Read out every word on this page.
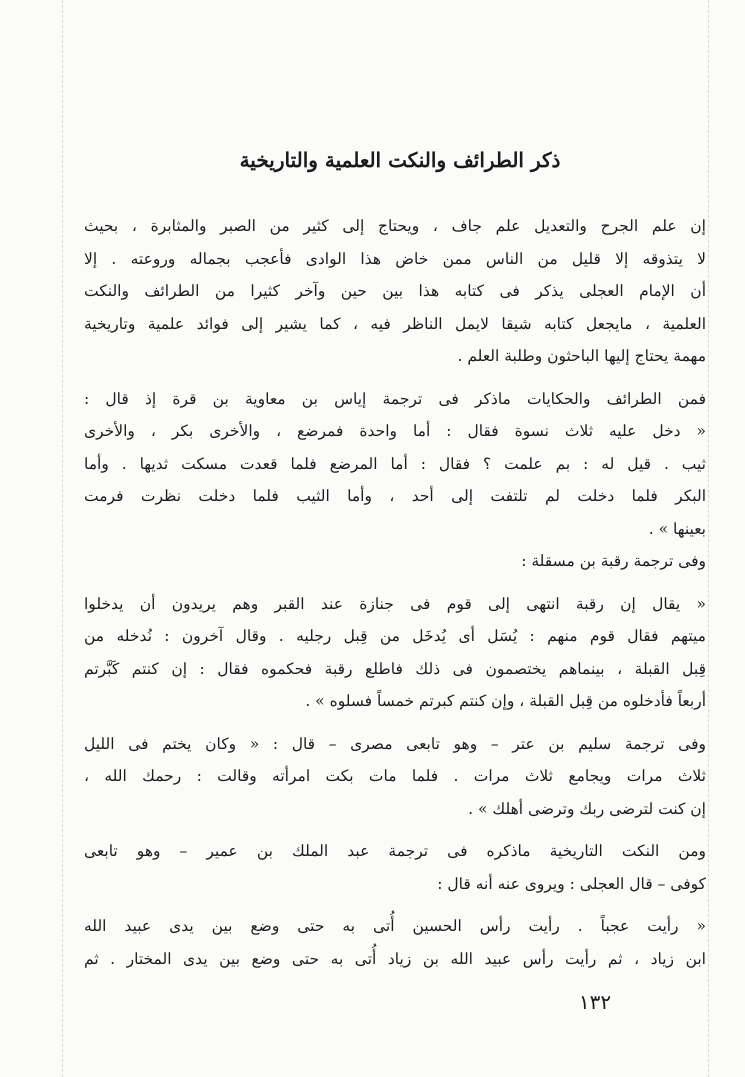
ذكر الطرائف والنكت العلمية والتاريخية
إن علم الجرح والتعديل علم جاف ، ويحتاج إلى كثير من الصبر والمثابرة ، بحيث
لا يتذوقه إلا قليل من الناس ممن خاض هذا الوادى فأعجب بجماله وروعته . إلا
أن الإمام العجلى يذكر فى كتابه هذا بين حين وآخر كثيرا من الطرائف والنكت
العلمية ، مايجعل كتابه شيقا لايمل الناظر فيه ، كما يشير إلى فوائد علمية وتاريخية
مهمة يحتاج إليها الباحثون وطلبة العلم .
فمن الطرائف والحكايات ماذكر فى ترجمة إياس بن معاوية بن قرة إذ قال :
« دخل عليه ثلاث نسوة فقال : أما واحدة فمرضع ، والأخرى بكر ، والأخرى
ثيب . قيل له : بم علمت ؟ فقال : أما المرضع فلما قعدت مسكت ثديها . وأما
البكر فلما دخلت لم تلتفت إلى أحد ، وأما الثيب فلما دخلت نظرت فرمت
بعينها » .
وفى ترجمة رقبة بن مسقلة :
« يقال إن رقبة انتهى إلى قوم فى جنازة عند القبر وهم يريدون أن يدخلوا
ميتهم فقال قوم منهم : يُسَل أى يُدخَل من قِبل رجليه . وقال آخرون : نُدخله من
قِبل القبلة ، بينماهم يختصمون فى ذلك فاطلع رقبة فحكموه فقال : إن كنتم كَبَّرتم
أربعاً فأدخلوه من قِبل القبلة ، وإن كنتم كبرتم خمساً فسلوه » .
وفى ترجمة سليم بن عتر – وهو تابعى مصرى – قال : « وكان يختم فى الليل
ثلاث مرات ويجامع ثلاث مرات . فلما مات بكت امرأته وقالت : رحمك الله ،
إن كنت لترضى ربك وترضى أهلك » .
ومن النكت التاريخية ماذكره فى ترجمة عبد الملك بن عمير – وهو تابعى
كوفى – قال العجلى : ويروى عنه أنه قال :
« رأيت عجباً . رأيت رأس الحسين أُتى به حتى وضع بين يدى عبيد الله
ابن زياد ، ثم رأيت رأس عبيد الله بن زياد أُتى به حتى وضع بين يدى المختار . ثم
١٣٢
